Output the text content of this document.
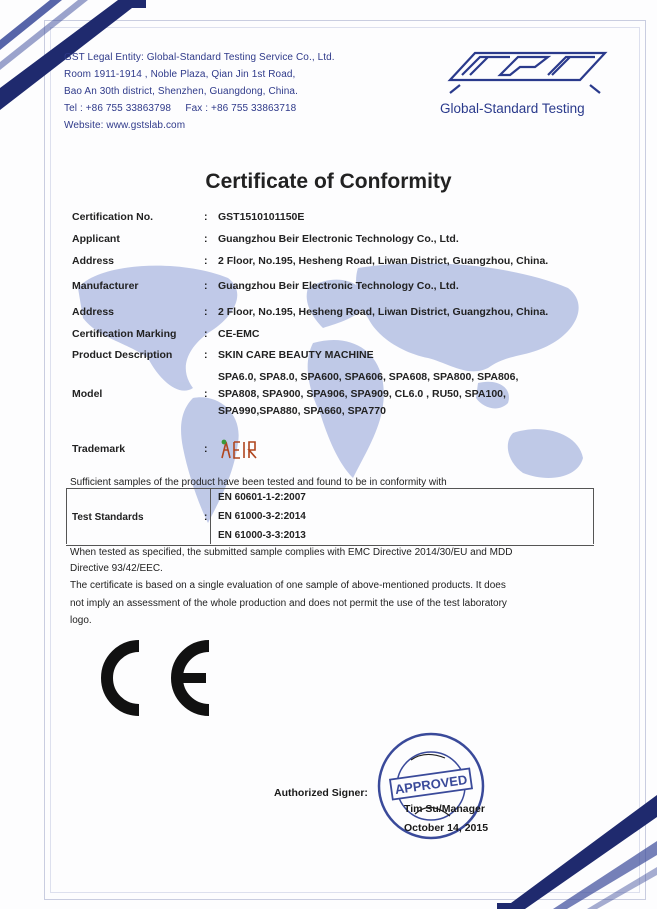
GST Legal Entity: Global-Standard Testing Service Co., Ltd.
Room 1911-1914 , Noble Plaza, Qian Jin 1st Road,
Bao An 30th district, Shenzhen, Guangdong, China.
Tel : +86 755 33863798     Fax : +86 755 33863718
Website: www.gstslab.com
Global-Standard Testing
Certificate of Conformity
Certification No.	: GST1510101150E
Applicant	: Guangzhou Beir Electronic Technology Co., Ltd.
Address	: 2 Floor, No.195, Hesheng Road, Liwan District, Guangzhou, China.
Manufacturer	: Guangzhou Beir Electronic Technology Co., Ltd.
Address	: 2 Floor, No.195, Hesheng Road, Liwan District, Guangzhou, China.
Certification Marking	: CE-EMC
Product Description	: SKIN CARE BEAUTY MACHINE
Model	:
SPA6.0, SPA8.0, SPA600, SPA606, SPA608, SPA800, SPA806,
SPA808, SPA900, SPA906, SPA909, CL6.0 , RU50, SPA100,
SPA990,SPA880, SPA660, SPA770
Trademark	:
Sufficient samples of the product have been tested and found to be in conformity with
Test Standards	:
EN 60601-1-2:2007
EN 61000-3-2:2014
EN 61000-3-3:2013
When tested as specified, the submitted sample complies with EMC Directive 2014/30/EU and MDD
Directive 93/42/EEC.
The certificate is based on a single evaluation of one sample of above-mentioned products. It does
not imply an assessment of the whole production and does not permit the use of the test laboratory
logo.
Authorized Signer: APPROVED
Tim Su/Manager
October 14, 2015
